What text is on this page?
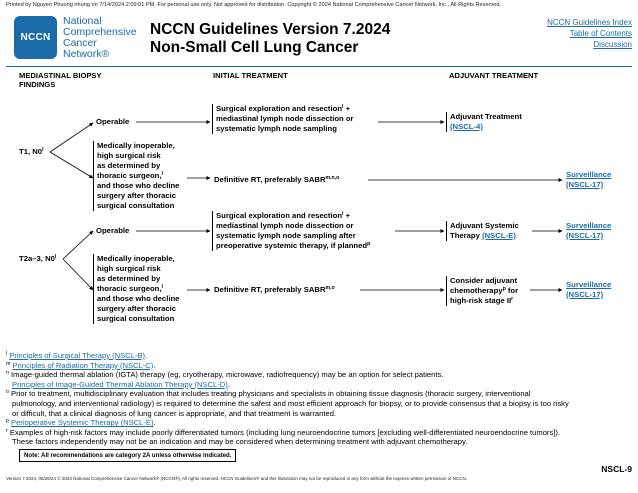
Printed by Nguyen Phuong nhung on 7/14/2024 2:09:01 PM. For personal use only. Not approved for distribution. Copyright © 2024 National Comprehensive Cancer Network, Inc., All Rights Reserved.
NCCN
National
Comprehensive
Cancer
Network®
NCCN Guidelines Version 7.2024
Non-Small Cell Lung Cancer
NCCN Guidelines Index
Table of Contents
Discussion
MEDIASTINAL BIOPSY
FINDINGS
INITIAL TREATMENT	ADJUVANT TREATMENT
T1, N0$^l$
T2a–3, N0$^l$
Operable
Operable
Medically inoperable,
high surgical risk
as determined by
thoracic surgeon,$^l$
and those who decline
surgery after thoracic
surgical consultation
Medically inoperable,
high surgical risk
as determined by
thoracic surgeon,$^l$
and those who decline
surgery after thoracic
surgical consultation
Surgical exploration and resection$^l$ +
mediastinal lymph node dissection or
systematic lymph node sampling
Definitive RT, preferably SABR$^{m,n,o}$
Surgical exploration and resection$^l$ +
mediastinal lymph node dissection or
systematic lymph node sampling after
preoperative systemic therapy, if planned$^p$
Definitive RT, preferably SABR$^{m,o}$
Adjuvant Treatment
(NSCL-4)
Adjuvant Systemic
Therapy (NSCL-E)
Consider adjuvant
chemotherapy$^p$ for
high-risk stage $II^r$
Surveillance
(NSCL-17)
Surveillance
(NSCL-17)
Surveillance
(NSCL-17)
$^l$ Principles of Surgical Therapy (NSCL-B).
$^m$ Principles of Radiation Therapy (NSCL-C).
$^n$ Image-guided thermal ablation (IGTA) therapy (eg, cryotherapy, microwave, radiofrequency) may be an option for select patients.
Principles of Image-Guided Thermal Ablation Therapy (NSCL-D).
$^o$ Prior to treatment, multidisciplinary evaluation that includes treating physicians and specialists in obtaining tissue diagnosis (thoracic surgery, interventional
pulmonology, and interventional radiology) is required to determine the safest and most efficient approach for biopsy, or to provide consensus that a biopsy is too risky
or difficult, that a clinical diagnosis of lung cancer is appropriate, and that treatment is warranted.
$^p$ Perioperative Systemic Therapy (NSCL-E).
$^r$ Examples of high-risk factors may include poorly differentiated tumors (including lung neuroendocrine tumors [excluding well-differentiated neuroendocrine tumors]).
These factors independently may not be an indication and may be considered when determining treatment with adjuvant chemotherapy.
Note: All recommendations are category 2A unless otherwise indicated.
NSCL-9
Version 7.2024, 06/26/24 © 2024 National Comprehensive Cancer Network® (NCCN®), All rights reserved. NCCN Guidelines® and this illustration may not be reproduced in any form without the express written permission of NCCN.
